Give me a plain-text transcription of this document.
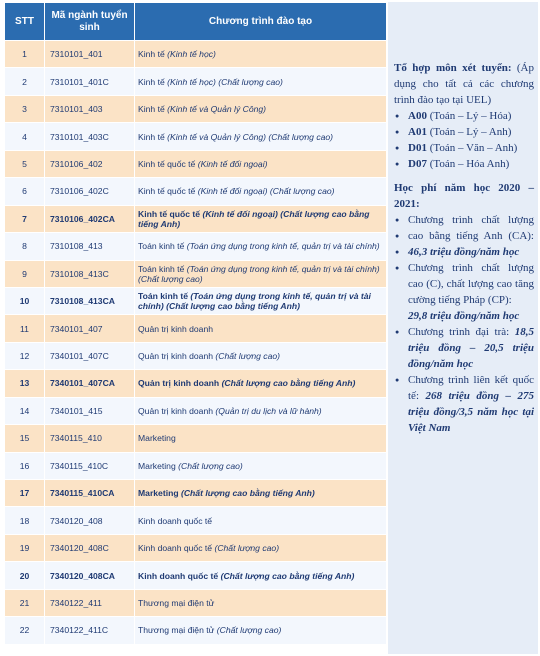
STT	Mã ngành tuyển sinh	Chương trình đào tạo
1	7310101_401	Kinh tế (Kinh tế học)
2	7310101_401C	Kinh tế (Kinh tế học) (Chất lượng cao)
3	7310101_403	Kinh tế (Kinh tế và Quản lý Công)
4	7310101_403C	Kinh tế (Kinh tế và Quản lý Công) (Chất lượng cao)
5	7310106_402	Kinh tế quốc tế (Kinh tế đối ngoại)
6	7310106_402C	Kinh tế quốc tế (Kinh tế đối ngoại) (Chất lượng cao)
7	7310106_402CA	Kinh tế quốc tế (Kinh tế đối ngoại) (Chất lượng cao bằng tiếng Anh)
8	7310108_413	Toán kinh tế (Toán ứng dụng trong kinh tế, quản trị và tài chính)
9	7310108_413C	Toán kinh tế (Toán ứng dụng trong kinh tế, quản trị và tài chính) (Chất lượng cao)
10	7310108_413CA	Toán kinh tế (Toán ứng dụng trong kinh tế, quản trị và tài chính) (Chất lượng cao bằng tiếng Anh)
11	7340101_407	Quản trị kinh doanh
12	7340101_407C	Quản trị kinh doanh (Chất lượng cao)
13	7340101_407CA	Quản trị kinh doanh (Chất lượng cao bằng tiếng Anh)
14	7340101_415	Quản trị kinh doanh (Quản trị du lịch và lữ hành)
15	7340115_410	Marketing
16	7340115_410C	Marketing (Chất lượng cao)
17	7340115_410CA	Marketing (Chất lượng cao bằng tiếng Anh)
18	7340120_408	Kinh doanh quốc tế
19	7340120_408C	Kinh doanh quốc tế (Chất lượng cao)
20	7340120_408CA	Kinh doanh quốc tế (Chất lượng cao bằng tiếng Anh)
21	7340122_411	Thương mại điện tử
22	7340122_411C	Thương mại điện tử (Chất lượng cao)
Tổ hợp môn xét tuyển: (Áp
dụng cho tất cả các chương
trình đào tạo tại UEL)
● A00 (Toán – Lý – Hóa)
● A01 (Toán – Lý – Anh)
● D01 (Toán – Văn – Anh)
● D07 (Toán – Hóa Anh)
Học phí năm học 2020 –
2021:
● Chương trình chất lượng
● cao bằng tiếng Anh (CA):
● 46,3 triệu đồng/năm học
● Chương trình chất lượng
cao (C), chất lượng cao tăng
cường tiếng Pháp (CP):
29,8 triệu đồng/năm học
● Chương trình đại trà: 18,5
triệu đồng – 20,5 triệu
đồng/năm học
● Chương trình liên kết quốc
tế: 268 triệu đồng – 275
triệu đồng/3,5 năm học tại
Việt Nam
